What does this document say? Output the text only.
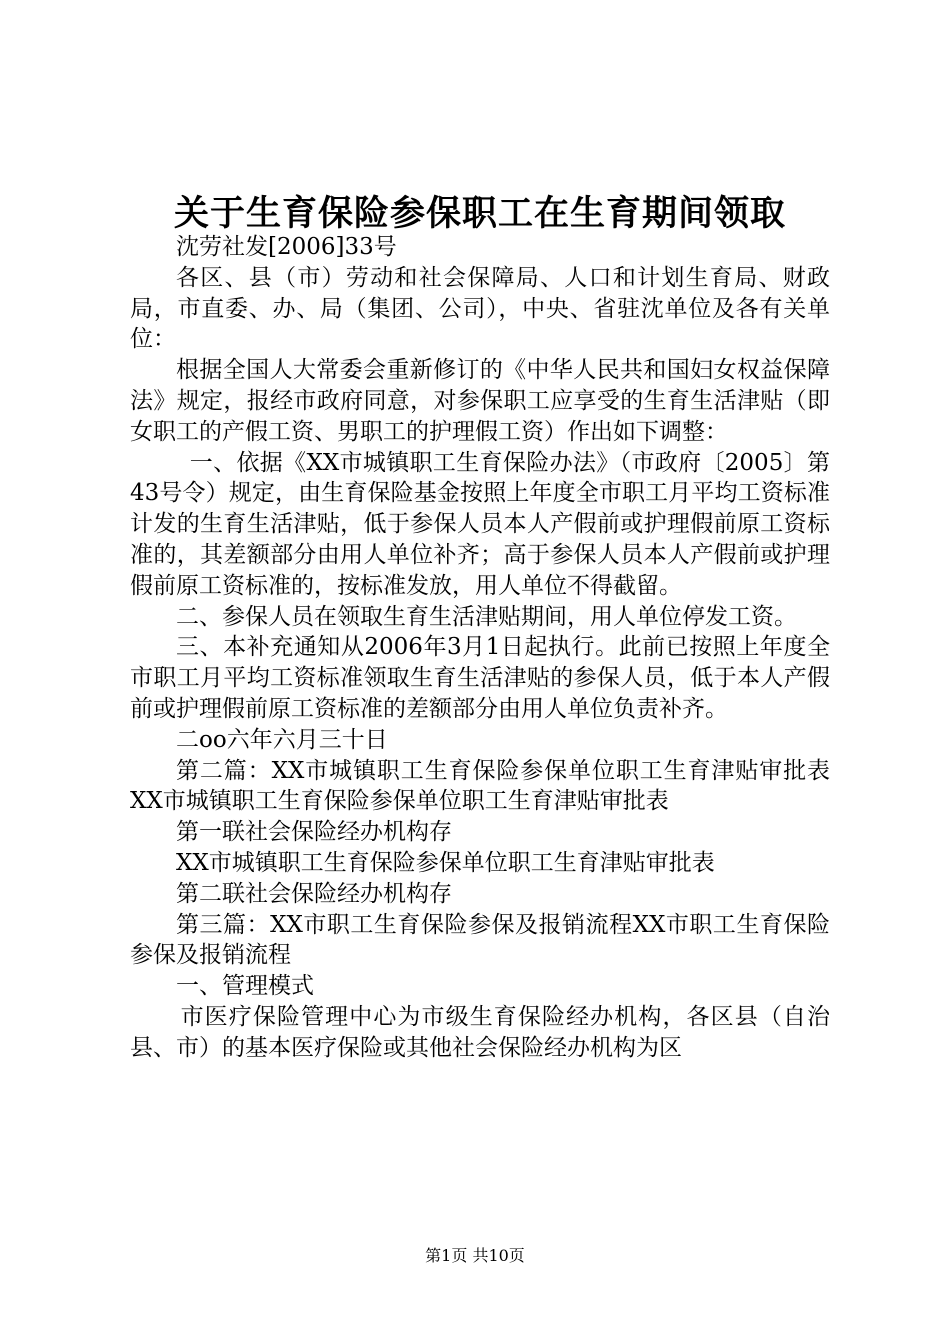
关于生育保险参保职工在生育期间领取

沈劳社发[2006]33号

各区、县（市）劳动和社会保障局、人口和计划生育局、财政局，市直委、办、局（集团、公司），中央、省驻沈单位及各有关单位：

根据全国人大常委会重新修订的《中华人民共和国妇女权益保障法》规定，报经市政府同意，对参保职工应享受的生育生活津贴（即女职工的产假工资、男职工的护理假工资）作出如下调整：

一、依据《XX市城镇职工生育保险办法》（市政府〔2005〕第43号令）规定，由生育保险基金按照上年度全市职工月平均工资标准计发的生育生活津贴，低于参保人员本人产假前或护理假前原工资标准的，其差额部分由用人单位补齐；高于参保人员本人产假前或护理假前原工资标准的，按标准发放，用人单位不得截留。

二、参保人员在领取生育生活津贴期间，用人单位停发工资。

三、本补充通知从2006年3月1日起执行。此前已按照上年度全市职工月平均工资标准领取生育生活津贴的参保人员，低于本人产假前或护理假前原工资标准的差额部分由用人单位负责补齐。

二oo六年六月三十日

第二篇：XX市城镇职工生育保险参保单位职工生育津贴审批表XX市城镇职工生育保险参保单位职工生育津贴审批表

第一联社会保险经办机构存

XX市城镇职工生育保险参保单位职工生育津贴审批表

第二联社会保险经办机构存

第三篇：XX市职工生育保险参保及报销流程XX市职工生育保险参保及报销流程

一、管理模式

市医疗保险管理中心为市级生育保险经办机构，各区县（自治县、市）的基本医疗保险或其他社会保险经办机构为区

第1页 共10页
